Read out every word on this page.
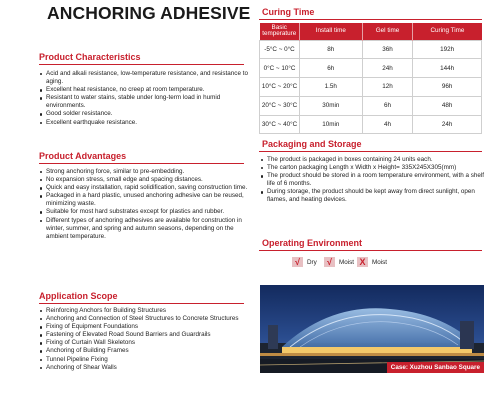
ANCHORING ADHESIVE
Product Characteristics
Acid and alkali resistance, low-temperature resistance, and resistance to aging.
Excellent heat resistance, no creep at room temperature.
Resistant to water stains, stable under long-term load in humid environments.
Good solder resistance.
Excellent earthquake resistance.
Product Advantages
Strong anchoring force, similar to pre-embedding.
No expansion stress, small edge and spacing distances.
Quick and easy installation, rapid solidification, saving construction time.
Packaged in a hard plastic, unused anchoring adhesive can be reused, minimizing waste.
Suitable for most hard substrates except for plastics and rubber.
Different types of anchoring adhesives are available for construction in winter, summer, and spring and autumn seasons, depending on the ambient temperature.
Application Scope
Reinforcing Anchors for Building Structures
Anchoring and Connection of Steel Structures to Concrete Structures
Fixing of Equipment Foundations
Fastening of Elevated Road Sound Barriers and Guardrails
Fixing of Curtain Wall Skeletons
Anchoring of Building Frames
Tunnel Pipeline Fixing
Anchoring of Shear Walls
Curing Time
Basic temperature	Install time	Gel time	Curing Time
-5°C ~ 0°C	8h	36h	192h
0°C ~ 10°C	6h	24h	144h
10°C ~ 20°C	1.5h	12h	96h
20°C ~ 30°C	30min	6h	48h
30°C ~ 40°C	10min	4h	24h
Packaging and Storage
The product is packaged in boxes containing 24 units each.
The carton packaging Length x Width x Height= 335X245X305(mm)
The product should be stored in a room temperature environment, with a shelf life of 6 months.
During storage, the product should be kept away from direct sunlight, open flames, and heating devices.
Operating Environment
√ Dry √ Moist X Moist
Case: Xuzhou Sanbao Square
